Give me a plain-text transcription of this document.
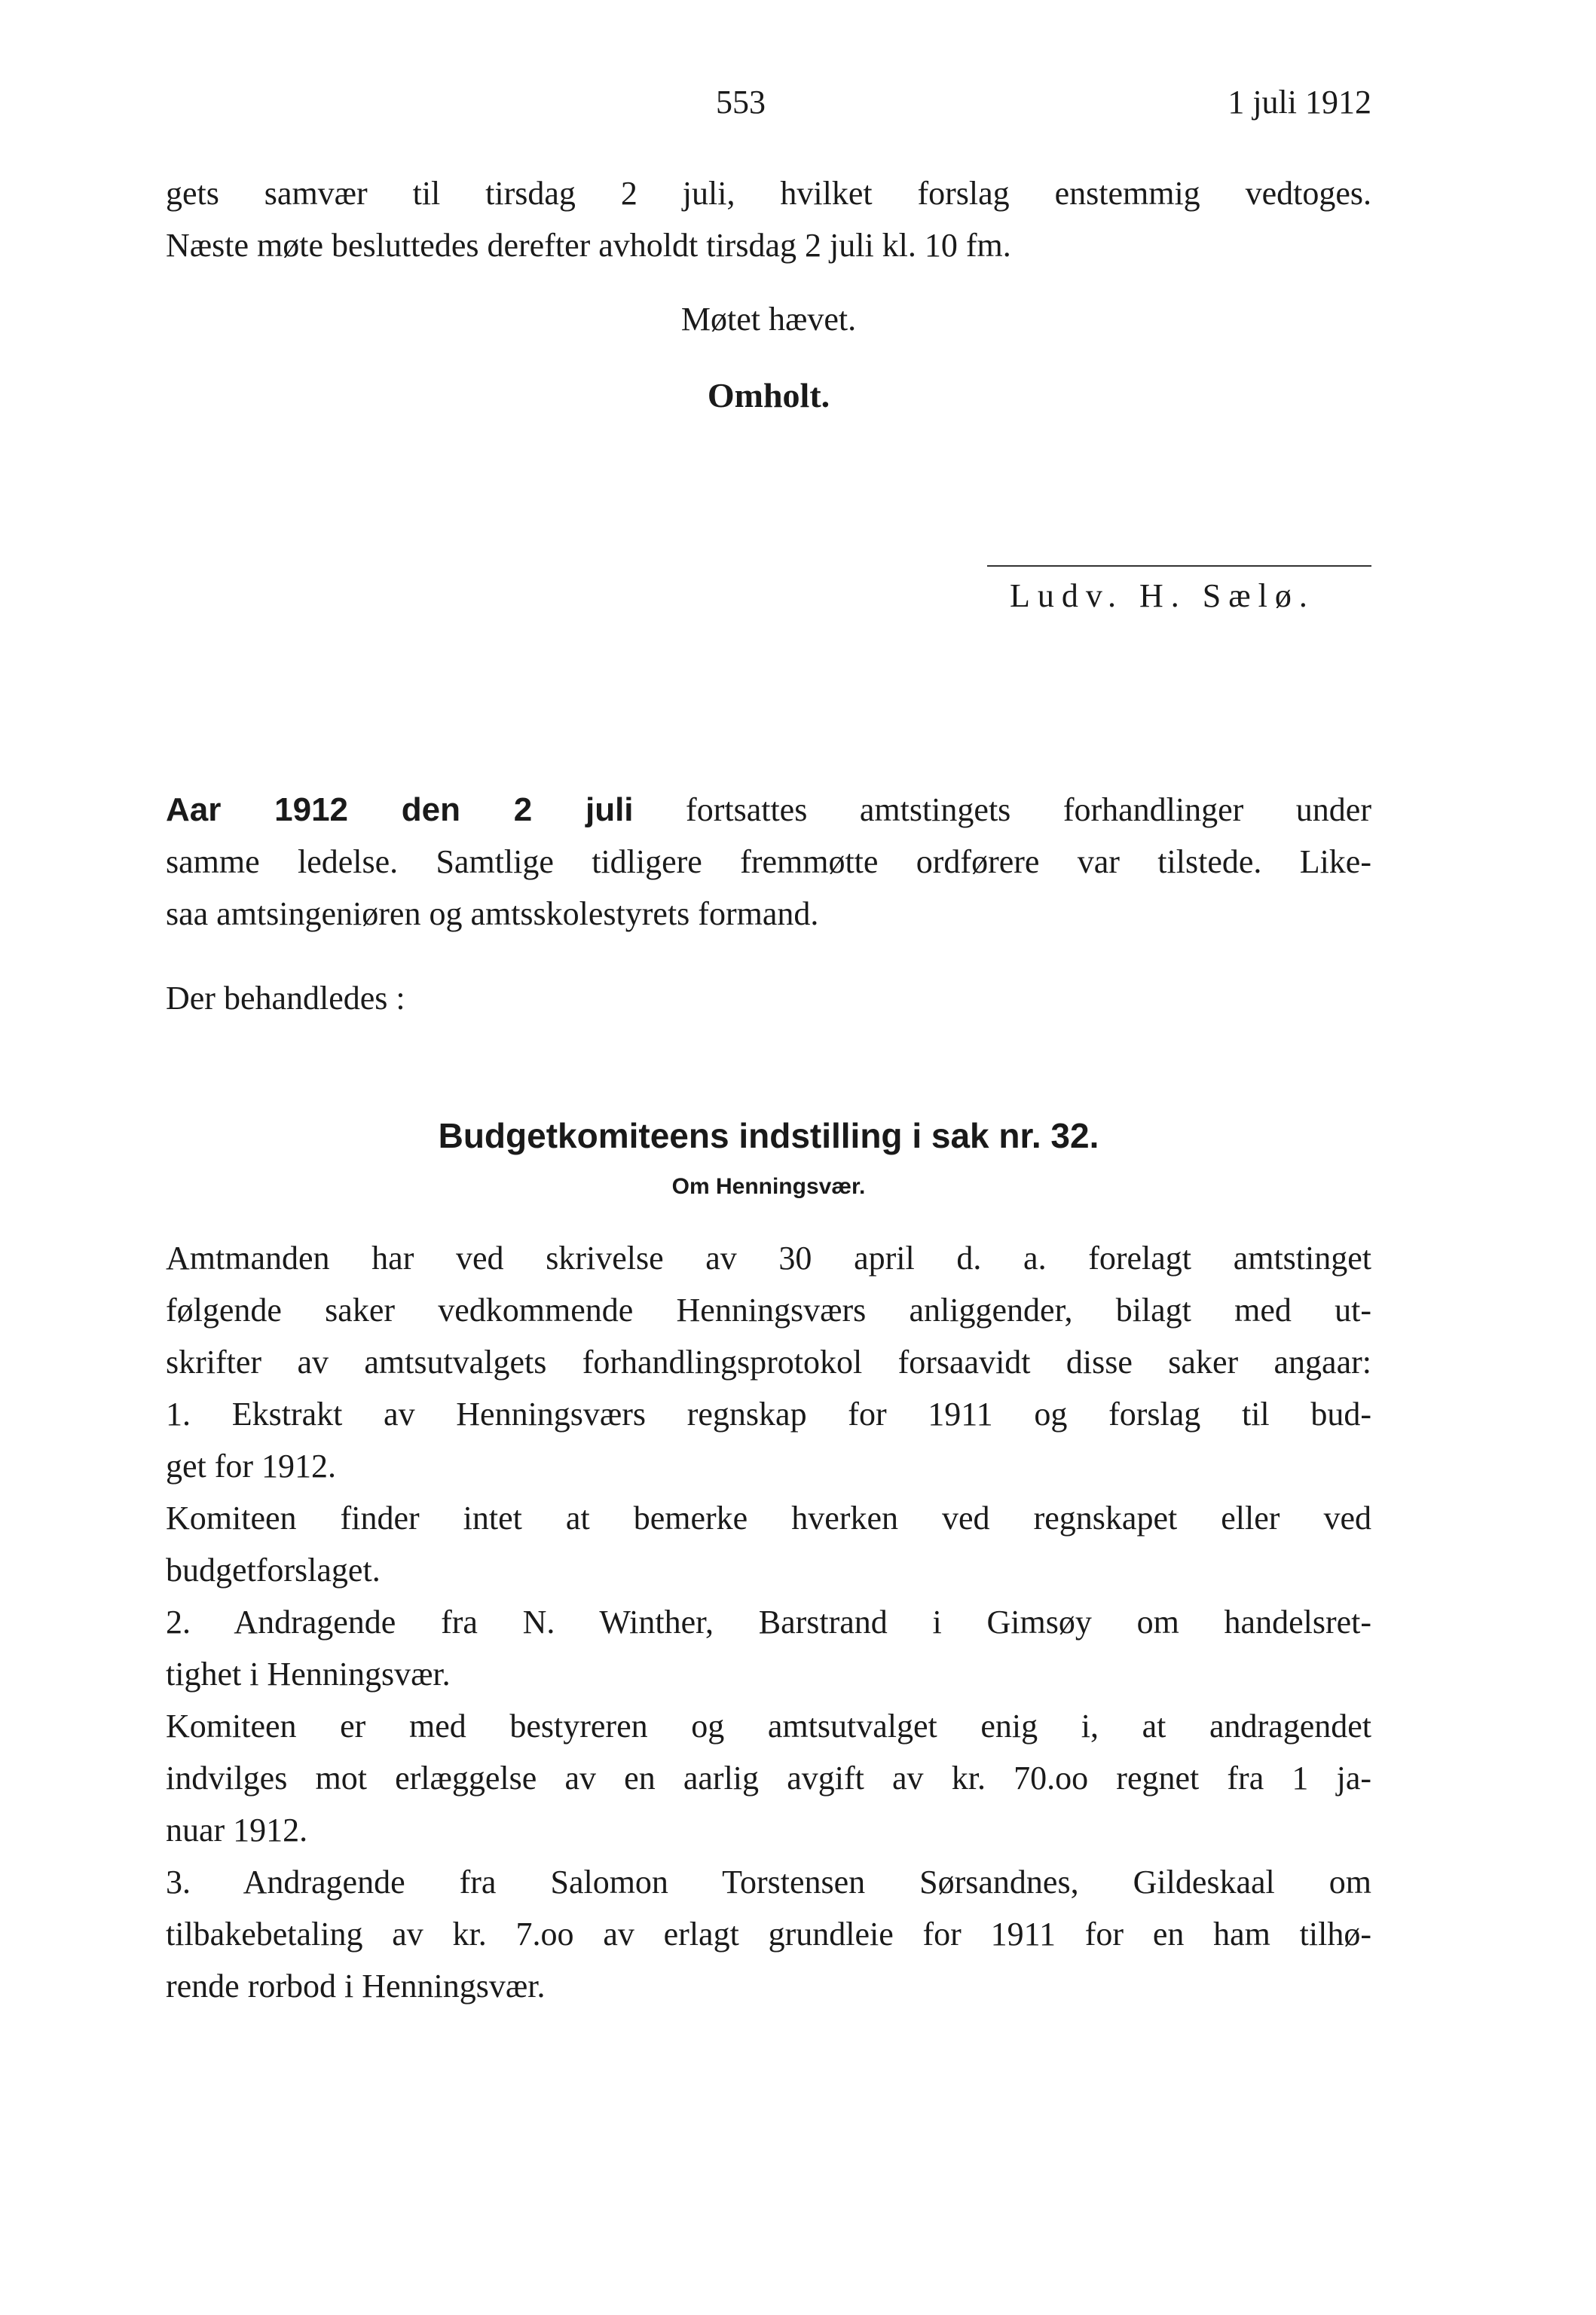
553	1 juli 1912
gets samvær til tirsdag 2 juli, hvilket forslag enstemmig vedtoges.
Næste møte besluttedes derefter avholdt tirsdag 2 juli kl. 10 fm.
Møtet hævet.
Omholt.
Ludv. H. Sælø.
Aar 1912 den 2 juli fortsattes amtstingets forhandlinger under
samme ledelse. Samtlige tidligere fremmøtte ordførere var tilstede. Like-
saa amtsingeniøren og amtsskolestyrets formand.
Der behandledes :
Budgetkomiteens indstilling i sak nr. 32.
Om Henningsvær.
Amtmanden har ved skrivelse av 30 april d. a. forelagt amtstinget
følgende saker vedkommende Henningsværs anliggender, bilagt med ut-
skrifter av amtsutvalgets forhandlingsprotokol forsaavidt disse saker angaar:
1. Ekstrakt av Henningsværs regnskap for 1911 og forslag til bud-
get for 1912.
Komiteen finder intet at bemerke hverken ved regnskapet eller ved
budgetforslaget.
2. Andragende fra N. Winther, Barstrand i Gimsøy om handelsret-
tighet i Henningsvær.
Komiteen er med bestyreren og amtsutvalget enig i, at andragendet
indvilges mot erlæggelse av en aarlig avgift av kr. 70.oo regnet fra 1 ja-
nuar 1912.
3. Andragende fra Salomon Torstensen Sørsandnes, Gildeskaal om
tilbakebetaling av kr. 7.oo av erlagt grundleie for 1911 for en ham tilhø-
rende rorbod i Henningsvær.
